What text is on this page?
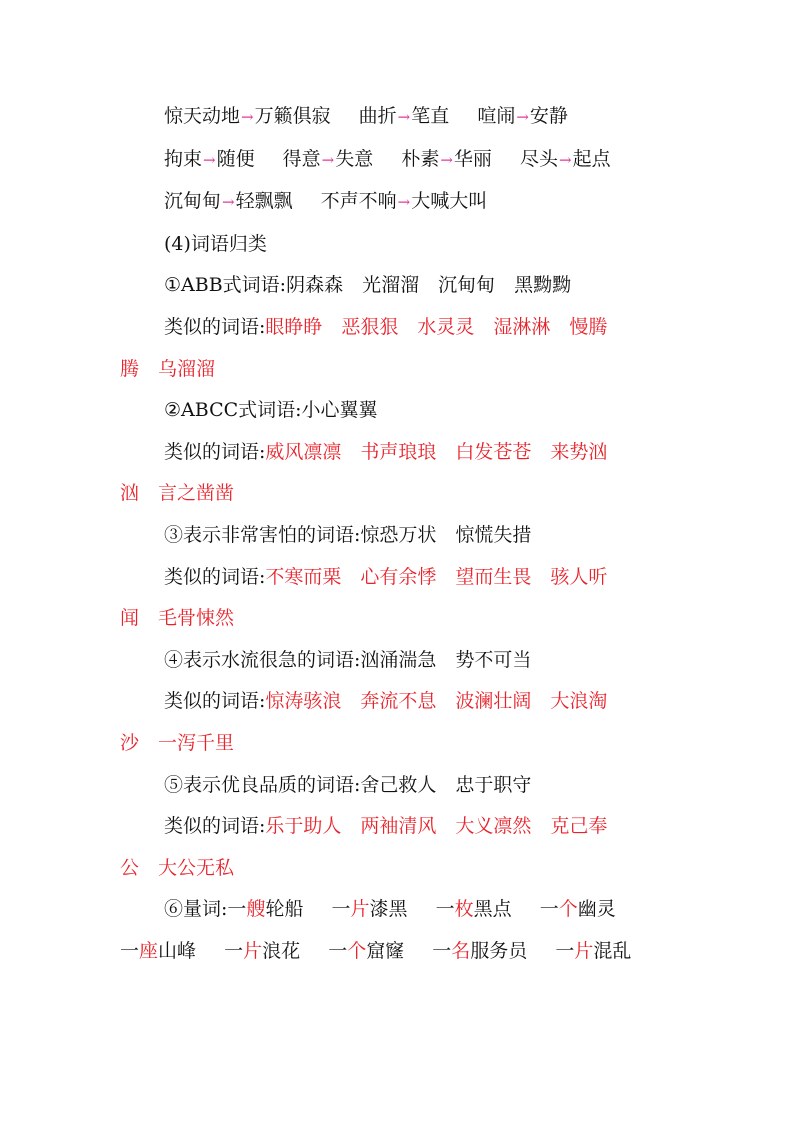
惊天动地→万籁俱寂 曲折→笔直 喧闹→安静
拘束→随便 得意→失意 朴素→华丽 尽头→起点
沉甸甸→轻飘飘 不声不响→大喊大叫
(4)词语归类
①ABB式词语:阴森森　光溜溜　沉甸甸　黑黝黝
类似的词语:眼睁睁　恶狠狠　水灵灵　湿淋淋　慢腾
腾　乌溜溜
②ABCC式词语:小心翼翼
类似的词语:威风凛凛　书声琅琅　白发苍苍　来势汹
汹　言之凿凿
③表示非常害怕的词语:惊恐万状　惊慌失措
类似的词语:不寒而栗　心有余悸　望而生畏　骇人听
闻　毛骨悚然
④表示水流很急的词语:汹涌湍急　势不可当
类似的词语:惊涛骇浪　奔流不息　波澜壮阔　大浪淘
沙　一泻千里
⑤表示优良品质的词语:舍己救人　忠于职守
类似的词语:乐于助人　两袖清风　大义凛然　克己奉
公　大公无私
⑥量词:一艘轮船 一片漆黑 一枚黑点 一个幽灵
一座山峰 一片浪花 一个窟窿 一名服务员 一片混乱
